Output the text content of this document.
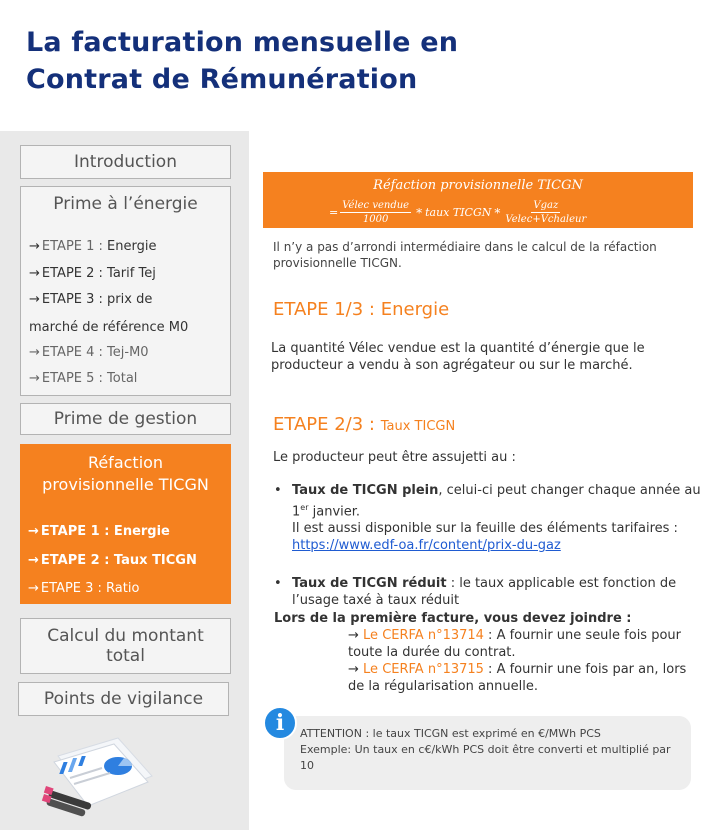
La facturation mensuelle en
Contrat de Rémunération
Introduction
Prime à l’énergie
→ ETAPE 1 : Energie
→ ETAPE 2 : Tarif Tej
→ ETAPE 3 : prix de
marché de référence M0
→ ETAPE 4 : Tej-M0
→ ETAPE 5 : Total
Prime de gestion
Réfaction
provisionnelle TICGN
→ ETAPE 1 : Energie
→ ETAPE 2 : Taux TICGN
→ ETAPE 3 : Ratio
Calcul du montant
total
Points de vigilance
Réfaction provisionnelle TICGN
= $\frac{\text{Vélec vendue}}{1000}$ * taux TICGN * $\frac{\text{Vgaz}}{\text{Velec+Vchaleur}}$
Il n’y a pas d’arrondi intermédiaire dans le calcul de la réfaction provisionnelle TICGN.
ETAPE 1/3 : Energie
La quantité Vélec vendue est la quantité d’énergie que le producteur a vendu à son agrégateur ou sur le marché.
ETAPE 2/3 : Taux TICGN
Le producteur peut être assujetti au :
• Taux de TICGN plein, celui-ci peut changer chaque année au 1er janvier.
Il est aussi disponible sur la feuille des éléments tarifaires : https://www.edf-oa.fr/content/prix-du-gaz
• Taux de TICGN réduit : le taux applicable est fonction de l’usage taxé à taux réduit
Lors de la première facture, vous devez joindre :
→ Le CERFA n°13714 : A fournir une seule fois pour toute la durée du contrat.
→ Le CERFA n°13715 : A fournir une fois par an, lors de la régularisation annuelle.
ATTENTION : le taux TICGN est exprimé en €/MWh PCS
Exemple: Un taux en c€/kWh PCS doit être converti et multiplié par 10
i
